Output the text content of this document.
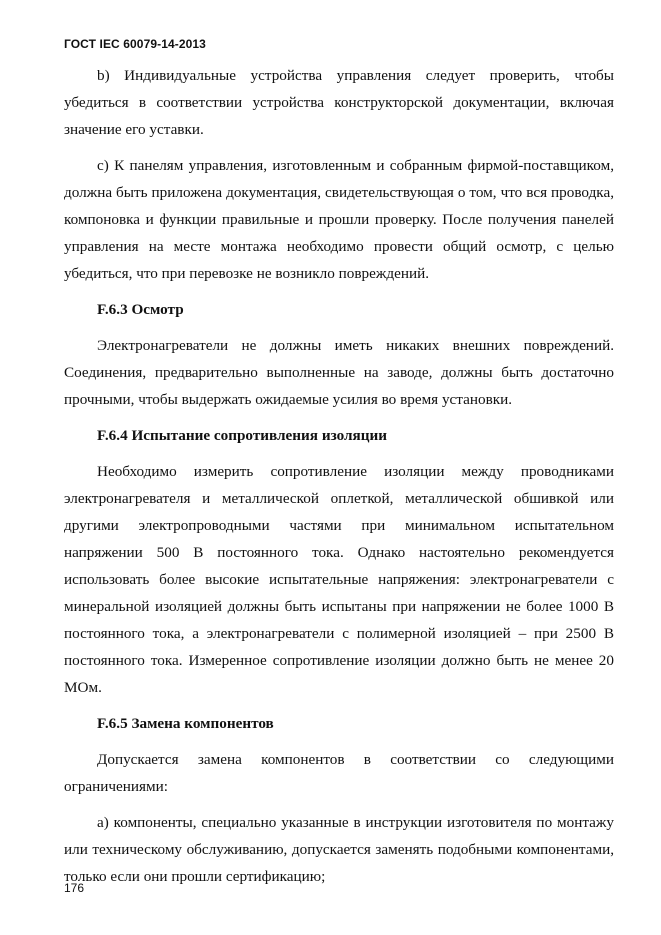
ГОСТ IEC 60079-14-2013

b) Индивидуальные устройства управления следует проверить, чтобы убедиться в соответствии устройства конструкторской документации, включая значение его уставки.

c) К панелям управления, изготовленным и собранным фирмой-поставщиком, должна быть приложена документация, свидетельствующая о том, что вся проводка, компоновка и функции правильные и прошли проверку. После получения панелей управления на месте монтажа необходимо провести общий осмотр, с целью убедиться, что при перевозке не возникло повреждений.

F.6.3 Осмотр

Электронагреватели не должны иметь никаких внешних повреждений. Соединения, предварительно выполненные на заводе, должны быть достаточно прочными, чтобы выдержать ожидаемые усилия во время установки.

F.6.4 Испытание сопротивления изоляции

Необходимо измерить сопротивление изоляции между проводниками электронагревателя и металлической оплеткой, металлической обшивкой или другими электропроводными частями при минимальном испытательном напряжении 500 В постоянного тока. Однако настоятельно рекомендуется использовать более высокие испытательные напряжения: электронагреватели с минеральной изоляцией должны быть испытаны при напряжении не более 1000 В постоянного тока, а электронагреватели с полимерной изоляцией – при 2500 В постоянного тока. Измеренное сопротивление изоляции должно быть не менее 20 МОм.

F.6.5 Замена компонентов

Допускается замена компонентов в соответствии со следующими ограничениями:

a) компоненты, специально указанные в инструкции изготовителя по монтажу или техническому обслуживанию, допускается заменять подобными компонентами, только если они прошли сертификацию;

176
